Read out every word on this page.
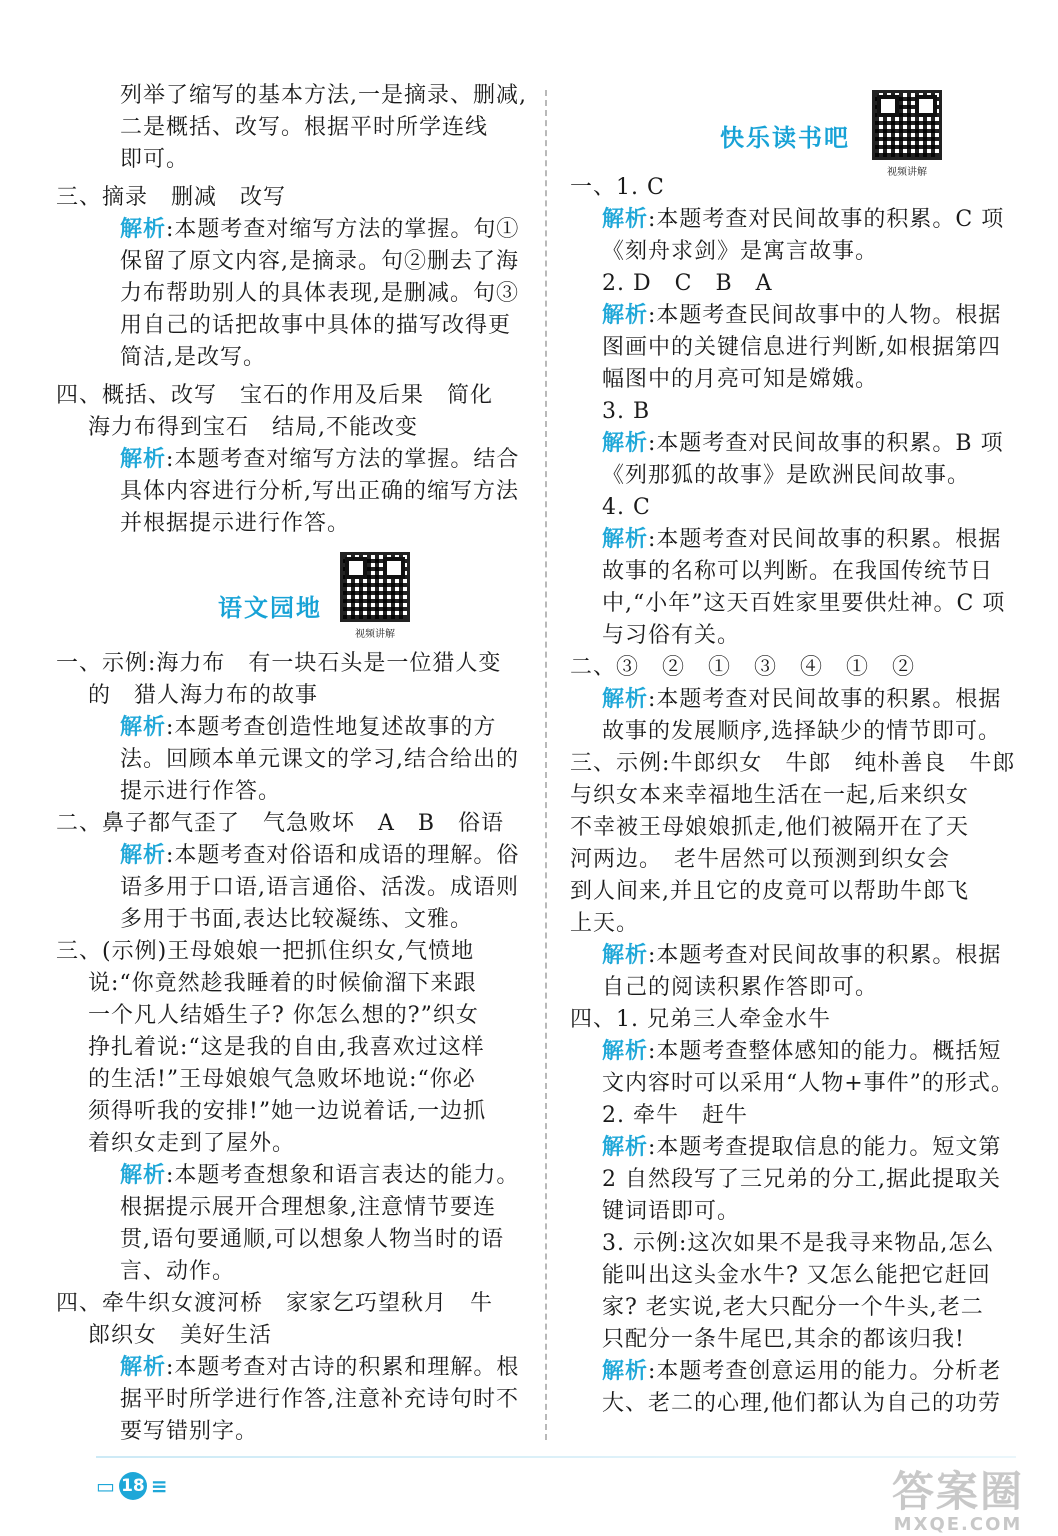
列举了缩写的基本方法,一是摘录、删减,
二是概括、改写。根据平时所学连线
即可。
三、摘录　删减　改写
解析:本题考查对缩写方法的掌握。句①
保留了原文内容,是摘录。句②删去了海
力布帮助别人的具体表现,是删减。句③
用自己的话把故事中具体的描写改得更
简洁,是改写。
四、概括、改写　宝石的作用及后果　简化
海力布得到宝石　结局,不能改变
解析:本题考查对缩写方法的掌握。结合
具体内容进行分析,写出正确的缩写方法
并根据提示进行作答。
语文园地
视频讲解
一、示例:海力布　有一块石头是一位猎人变
的　猎人海力布的故事
解析:本题考查创造性地复述故事的方
法。回顾本单元课文的学习,结合给出的
提示进行作答。
二、鼻子都气歪了　气急败坏　A　B　俗语
解析:本题考查对俗语和成语的理解。俗
语多用于口语,语言通俗、活泼。成语则
多用于书面,表达比较凝练、文雅。
三、(示例)王母娘娘一把抓住织女,气愤地
说:“你竟然趁我睡着的时候偷溜下来跟
一个凡人结婚生子? 你怎么想的?”织女
挣扎着说:“这是我的自由,我喜欢过这样
的生活!”王母娘娘气急败坏地说:“你必
须得听我的安排!”她一边说着话,一边抓
着织女走到了屋外。
解析:本题考查想象和语言表达的能力。
根据提示展开合理想象,注意情节要连
贯,语句要通顺,可以想象人物当时的语
言、动作。
四、牵牛织女渡河桥　家家乞巧望秋月　牛
郎织女　美好生活
解析:本题考查对古诗的积累和理解。根
据平时所学进行作答,注意补充诗句时不
要写错别字。
快乐读书吧
视频讲解
一、1. C
解析:本题考查对民间故事的积累。C 项
《刻舟求剑》是寓言故事。
2. D　C　B　A
解析:本题考查民间故事中的人物。根据
图画中的关键信息进行判断,如根据第四
幅图中的月亮可知是嫦娥。
3. B
解析:本题考查对民间故事的积累。B 项
《列那狐的故事》是欧洲民间故事。
4. C
解析:本题考查对民间故事的积累。根据
故事的名称可以判断。在我国传统节日
中,“小年”这天百姓家里要供灶神。C 项
与习俗有关。
二、③　②　①　③　④　①　②
解析:本题考查对民间故事的积累。根据
故事的发展顺序,选择缺少的情节即可。
三、示例:牛郎织女　牛郎　纯朴善良　牛郎
与织女本来幸福地生活在一起,后来织女
不幸被王母娘娘抓走,他们被隔开在了天
河两边。　老牛居然可以预测到织女会
到人间来,并且它的皮竟可以帮助牛郎飞
上天。
解析:本题考查对民间故事的积累。根据
自己的阅读积累作答即可。
四、1. 兄弟三人牵金水牛
解析:本题考查整体感知的能力。概括短
文内容时可以采用“人物+事件”的形式。
2. 牵牛　赶牛
解析:本题考查提取信息的能力。短文第
2 自然段写了三兄弟的分工,据此提取关
键词语即可。
3. 示例:这次如果不是我寻来物品,怎么
能叫出这头金水牛? 又怎么能把它赶回
家? 老实说,老大只配分一个牛头,老二
只配分一条牛尾巴,其余的都该归我!
解析:本题考查创意运用的能力。分析老
大、老二的心理,他们都认为自己的功劳
▭ 18 ≡	答案圈
MXQE.COM
